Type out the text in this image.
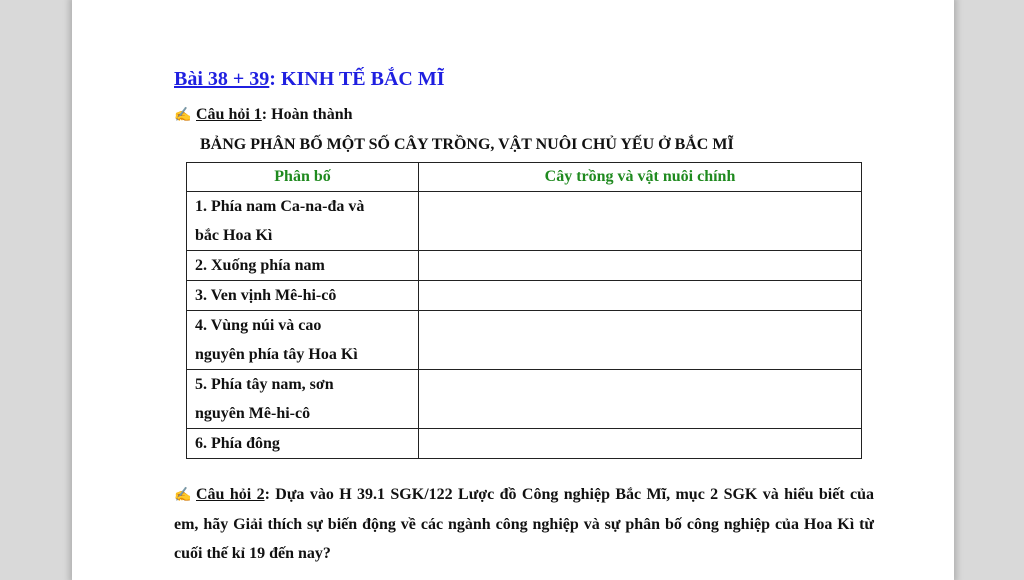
Bài 38 + 39: KINH TẾ BẮC MĨ
✍ Câu hỏi 1: Hoàn thành
BẢNG PHÂN BỐ MỘT SỐ CÂY TRỒNG, VẬT NUÔI CHỦ YẾU Ở BẮC MĨ
Phân bố	Cây trồng và vật nuôi chính

1. Phía nam Ca-na-đa và
bắc Hoa Kì	

2. Xuống phía nam	

3. Ven vịnh Mê-hi-cô	

4. Vùng núi và cao
nguyên phía tây Hoa Kì	

5. Phía tây nam, sơn
nguyên Mê-hi-cô	

6. Phía đông	

✍ Câu hỏi 2: Dựa vào H 39.1 SGK/122 Lược đồ Công nghiệp Bắc Mĩ, mục 2 SGK và hiểu biết của em, hãy Giải thích sự biến động về các ngành công nghiệp và sự phân bố công nghiệp của Hoa Kì từ cuối thế kỉ 19 đến nay?
